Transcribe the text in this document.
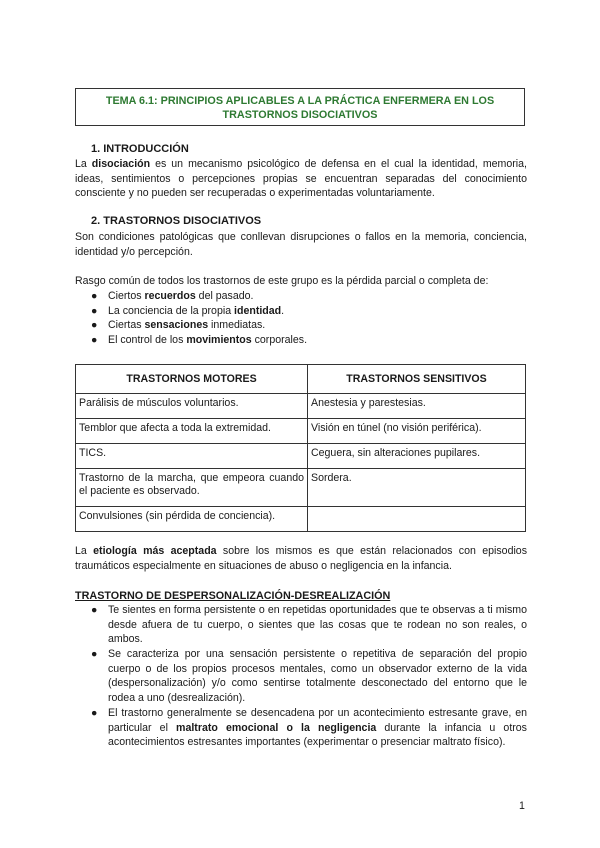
TEMA 6.1: PRINCIPIOS APLICABLES A LA PRÁCTICA ENFERMERA EN LOS
TRASTORNOS DISOCIATIVOS
1. INTRODUCCIÓN
La disociación es un mecanismo psicológico de defensa en el cual la identidad, memoria, ideas, sentimientos o percepciones propias se encuentran separadas del conocimiento consciente y no pueden ser recuperadas o experimentadas voluntariamente.
2. TRASTORNOS DISOCIATIVOS
Son condiciones patológicas que conllevan disrupciones o fallos en la memoria, conciencia, identidad y/o percepción.
Rasgo común de todos los trastornos de este grupo es la pérdida parcial o completa de:
● Ciertos recuerdos del pasado.
● La conciencia de la propia identidad.
● Ciertas sensaciones inmediatas.
● El control de los movimientos corporales.
TRASTORNOS MOTORES	TRASTORNOS SENSITIVOS
Parálisis de músculos voluntarios.	Anestesia y parestesias.
Temblor que afecta a toda la extremidad.	Visión en túnel (no visión periférica).
TICS.	Ceguera, sin alteraciones pupilares.
Trastorno de la marcha, que empeora cuando el paciente es observado.	Sordera.
Convulsiones (sin pérdida de conciencia).	
La etiología más aceptada sobre los mismos es que están relacionados con episodios traumáticos especialmente en situaciones de abuso o negligencia en la infancia.
TRASTORNO DE DESPERSONALIZACIÓN-DESREALIZACIÓN
● Te sientes en forma persistente o en repetidas oportunidades que te observas a ti mismo desde afuera de tu cuerpo, o sientes que las cosas que te rodean no son reales, o ambos.
● Se caracteriza por una sensación persistente o repetitiva de separación del propio cuerpo o de los propios procesos mentales, como un observador externo de la vida (despersonalización) y/o como sentirse totalmente desconectado del entorno que le rodea a uno (desrealización).
● El trastorno generalmente se desencadena por un acontecimiento estresante grave, en particular el maltrato emocional o la negligencia durante la infancia u otros acontecimientos estresantes importantes (experimentar o presenciar maltrato físico).
1
